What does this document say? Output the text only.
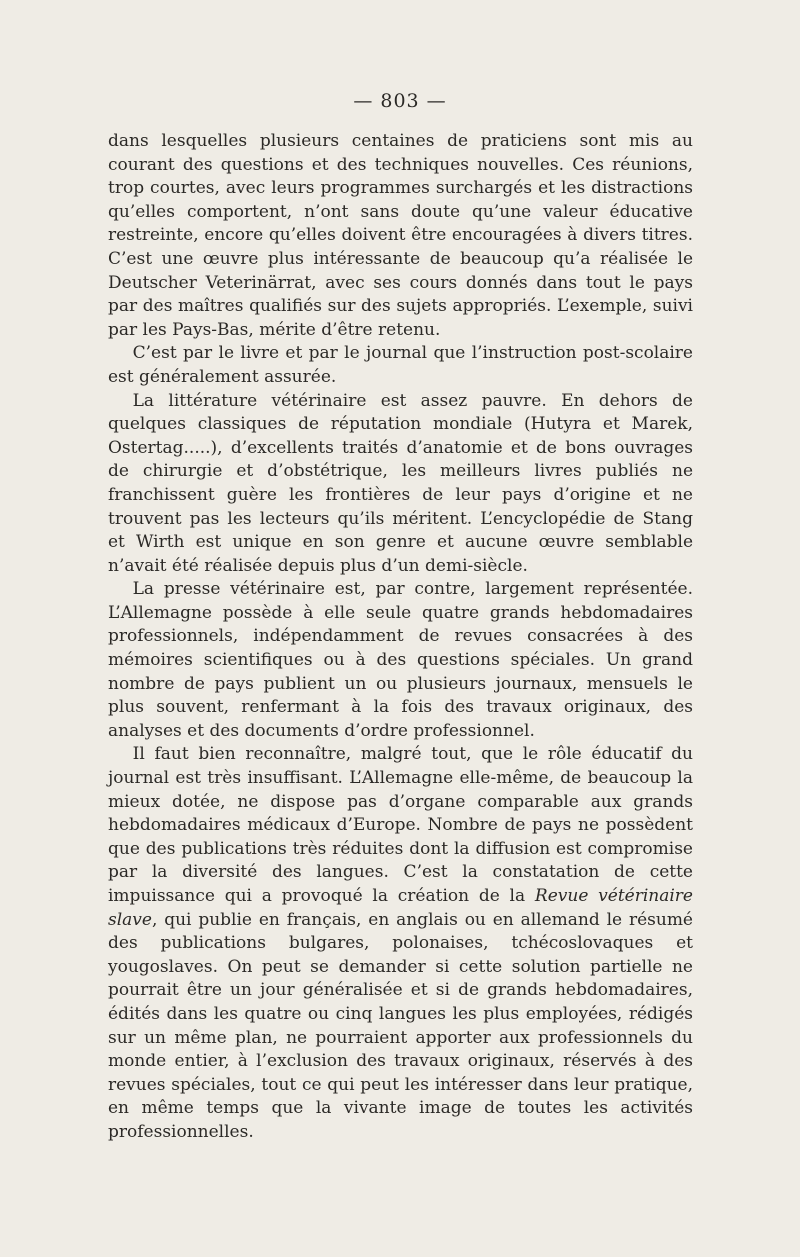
— 803 —

dans lesquelles plusieurs centaines de praticiens sont mis au courant des questions et des techniques nouvelles. Ces réunions, trop courtes, avec leurs programmes surchargés et les distractions qu’elles comportent, n’ont sans doute qu’une valeur éducative restreinte, encore qu’elles doivent être encouragées à divers titres. C’est une œuvre plus intéressante de beaucoup qu’a réalisée le Deutscher Veterinärrat, avec ses cours donnés dans tout le pays par des maîtres qualifiés sur des sujets appropriés. L’exemple, suivi par les Pays-Bas, mérite d’être retenu.

C’est par le livre et par le journal que l’instruction post-scolaire est généralement assurée.

La littérature vétérinaire est assez pauvre. En dehors de quelques classiques de réputation mondiale (Hutyra et Marek, Ostertag.....), d’excellents traités d’anatomie et de bons ouvrages de chirurgie et d’obstétrique, les meilleurs livres publiés ne franchissent guère les frontières de leur pays d’origine et ne trouvent pas les lecteurs qu’ils méritent. L’encyclopédie de Stang et Wirth est unique en son genre et aucune œuvre semblable n’avait été réalisée depuis plus d’un demi-siècle.

La presse vétérinaire est, par contre, largement représentée. L’Allemagne possède à elle seule quatre grands hebdomadaires professionnels, indépendamment de revues consacrées à des mémoires scientifiques ou à des questions spéciales. Un grand nombre de pays publient un ou plusieurs journaux, mensuels le plus souvent, renfermant à la fois des travaux originaux, des analyses et des documents d’ordre professionnel.

Il faut bien reconnaître, malgré tout, que le rôle éducatif du journal est très insuffisant. L’Allemagne elle-même, de beaucoup la mieux dotée, ne dispose pas d’organe comparable aux grands hebdomadaires médicaux d’Europe. Nombre de pays ne possèdent que des publications très réduites dont la diffusion est compromise par la diversité des langues. C’est la constatation de cette impuissance qui a provoqué la création de la Revue vétérinaire slave, qui publie en français, en anglais ou en allemand le résumé des publications bulgares, polonaises, tchécoslovaques et yougoslaves. On peut se demander si cette solution partielle ne pourrait être un jour généralisée et si de grands hebdomadaires, édités dans les quatre ou cinq langues les plus employées, rédigés sur un même plan, ne pourraient apporter aux professionnels du monde entier, à l’exclusion des travaux originaux, réservés à des revues spéciales, tout ce qui peut les intéresser dans leur pratique, en même temps que la vivante image de toutes les activités professionnelles.
